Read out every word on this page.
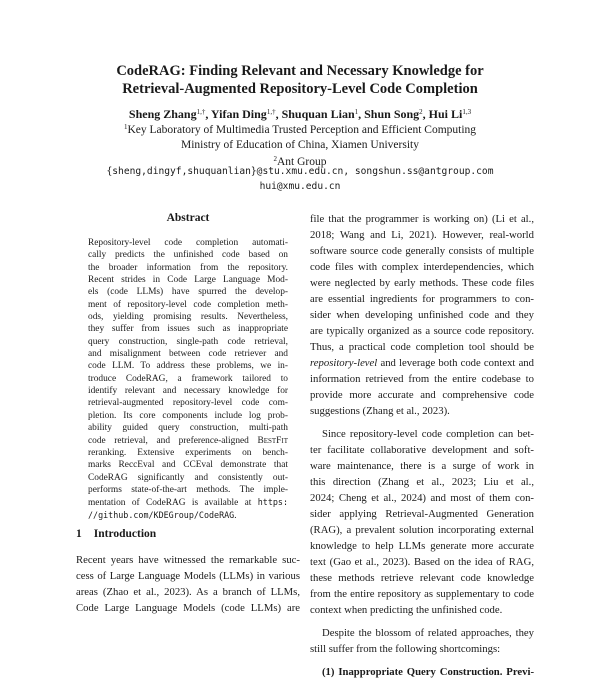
CodeRAG: Finding Relevant and Necessary Knowledge for
Retrieval-Augmented Repository-Level Code Completion
Sheng Zhang$^{1,\dagger}$, Yifan Ding$^{1,\dagger}$, Shuquan Lian$^1$, Shun Song$^2$, Hui Li$^{1,3}$
$^1$Key Laboratory of Multimedia Trusted Perception and Efficient Computing
Ministry of Education of China, Xiamen University
$^2$Ant Group
{sheng,dingyf,shuquanlian}@stu.xmu.edu.cn, songshun.ss@antgroup.com
hui@xmu.edu.cn
Abstract
Repository-level code completion automati-
cally predicts the unfinished code based on
the broader information from the repository.
Recent strides in Code Large Language Mod-
els (code LLMs) have spurred the develop-
ment of repository-level code completion meth-
ods, yielding promising results. Nevertheless,
they suffer from issues such as inappropriate
query construction, single-path code retrieval,
and misalignment between code retriever and
code LLM. To address these problems, we in-
troduce CodeRAG, a framework tailored to
identify relevant and necessary knowledge for
retrieval-augmented repository-level code com-
pletion. Its core components include log prob-
ability guided query construction, multi-path
code retrieval, and preference-aligned BestFit
reranking. Extensive experiments on bench-
marks ReccEval and CCEval demonstrate that
CodeRAG significantly and consistently out-
performs state-of-the-art methods. The imple-
mentation of CodeRAG is available at https:
//github.com/KDEGroup/CodeRAG.
1 Introduction
Recent years have witnessed the remarkable suc-
cess of Large Language Models (LLMs) in various
areas (Zhao et al., 2023). As a branch of LLMs,
Code Large Language Models (code LLMs) are
file that the programmer is working on) (Li et al.,
2018; Wang and Li, 2021). However, real-world
software source code generally consists of multiple
code files with complex interdependencies, which
were neglected by early methods. These code files
are essential ingredients for programmers to con-
sider when developing unfinished code and they
are typically organized as a source code repository.
Thus, a practical code completion tool should be
repository-level and leverage both code context and
information retrieved from the entire codebase to
provide more accurate and comprehensive code
suggestions (Zhang et al., 2023).
Since repository-level code completion can bet-
ter facilitate collaborative development and soft-
ware maintenance, there is a surge of work in
this direction (Zhang et al., 2023; Liu et al.,
2024; Cheng et al., 2024) and most of them con-
sider applying Retrieval-Augmented Generation
(RAG), a prevalent solution incorporating external
knowledge to help LLMs generate more accurate
text (Gao et al., 2023). Based on the idea of RAG,
these methods retrieve relevant code knowledge
from the entire repository as supplementary to code
context when predicting the unfinished code.
Despite the blossom of related approaches, they
still suffer from the following shortcomings:
(1) Inappropriate Query Construction. Previ-
